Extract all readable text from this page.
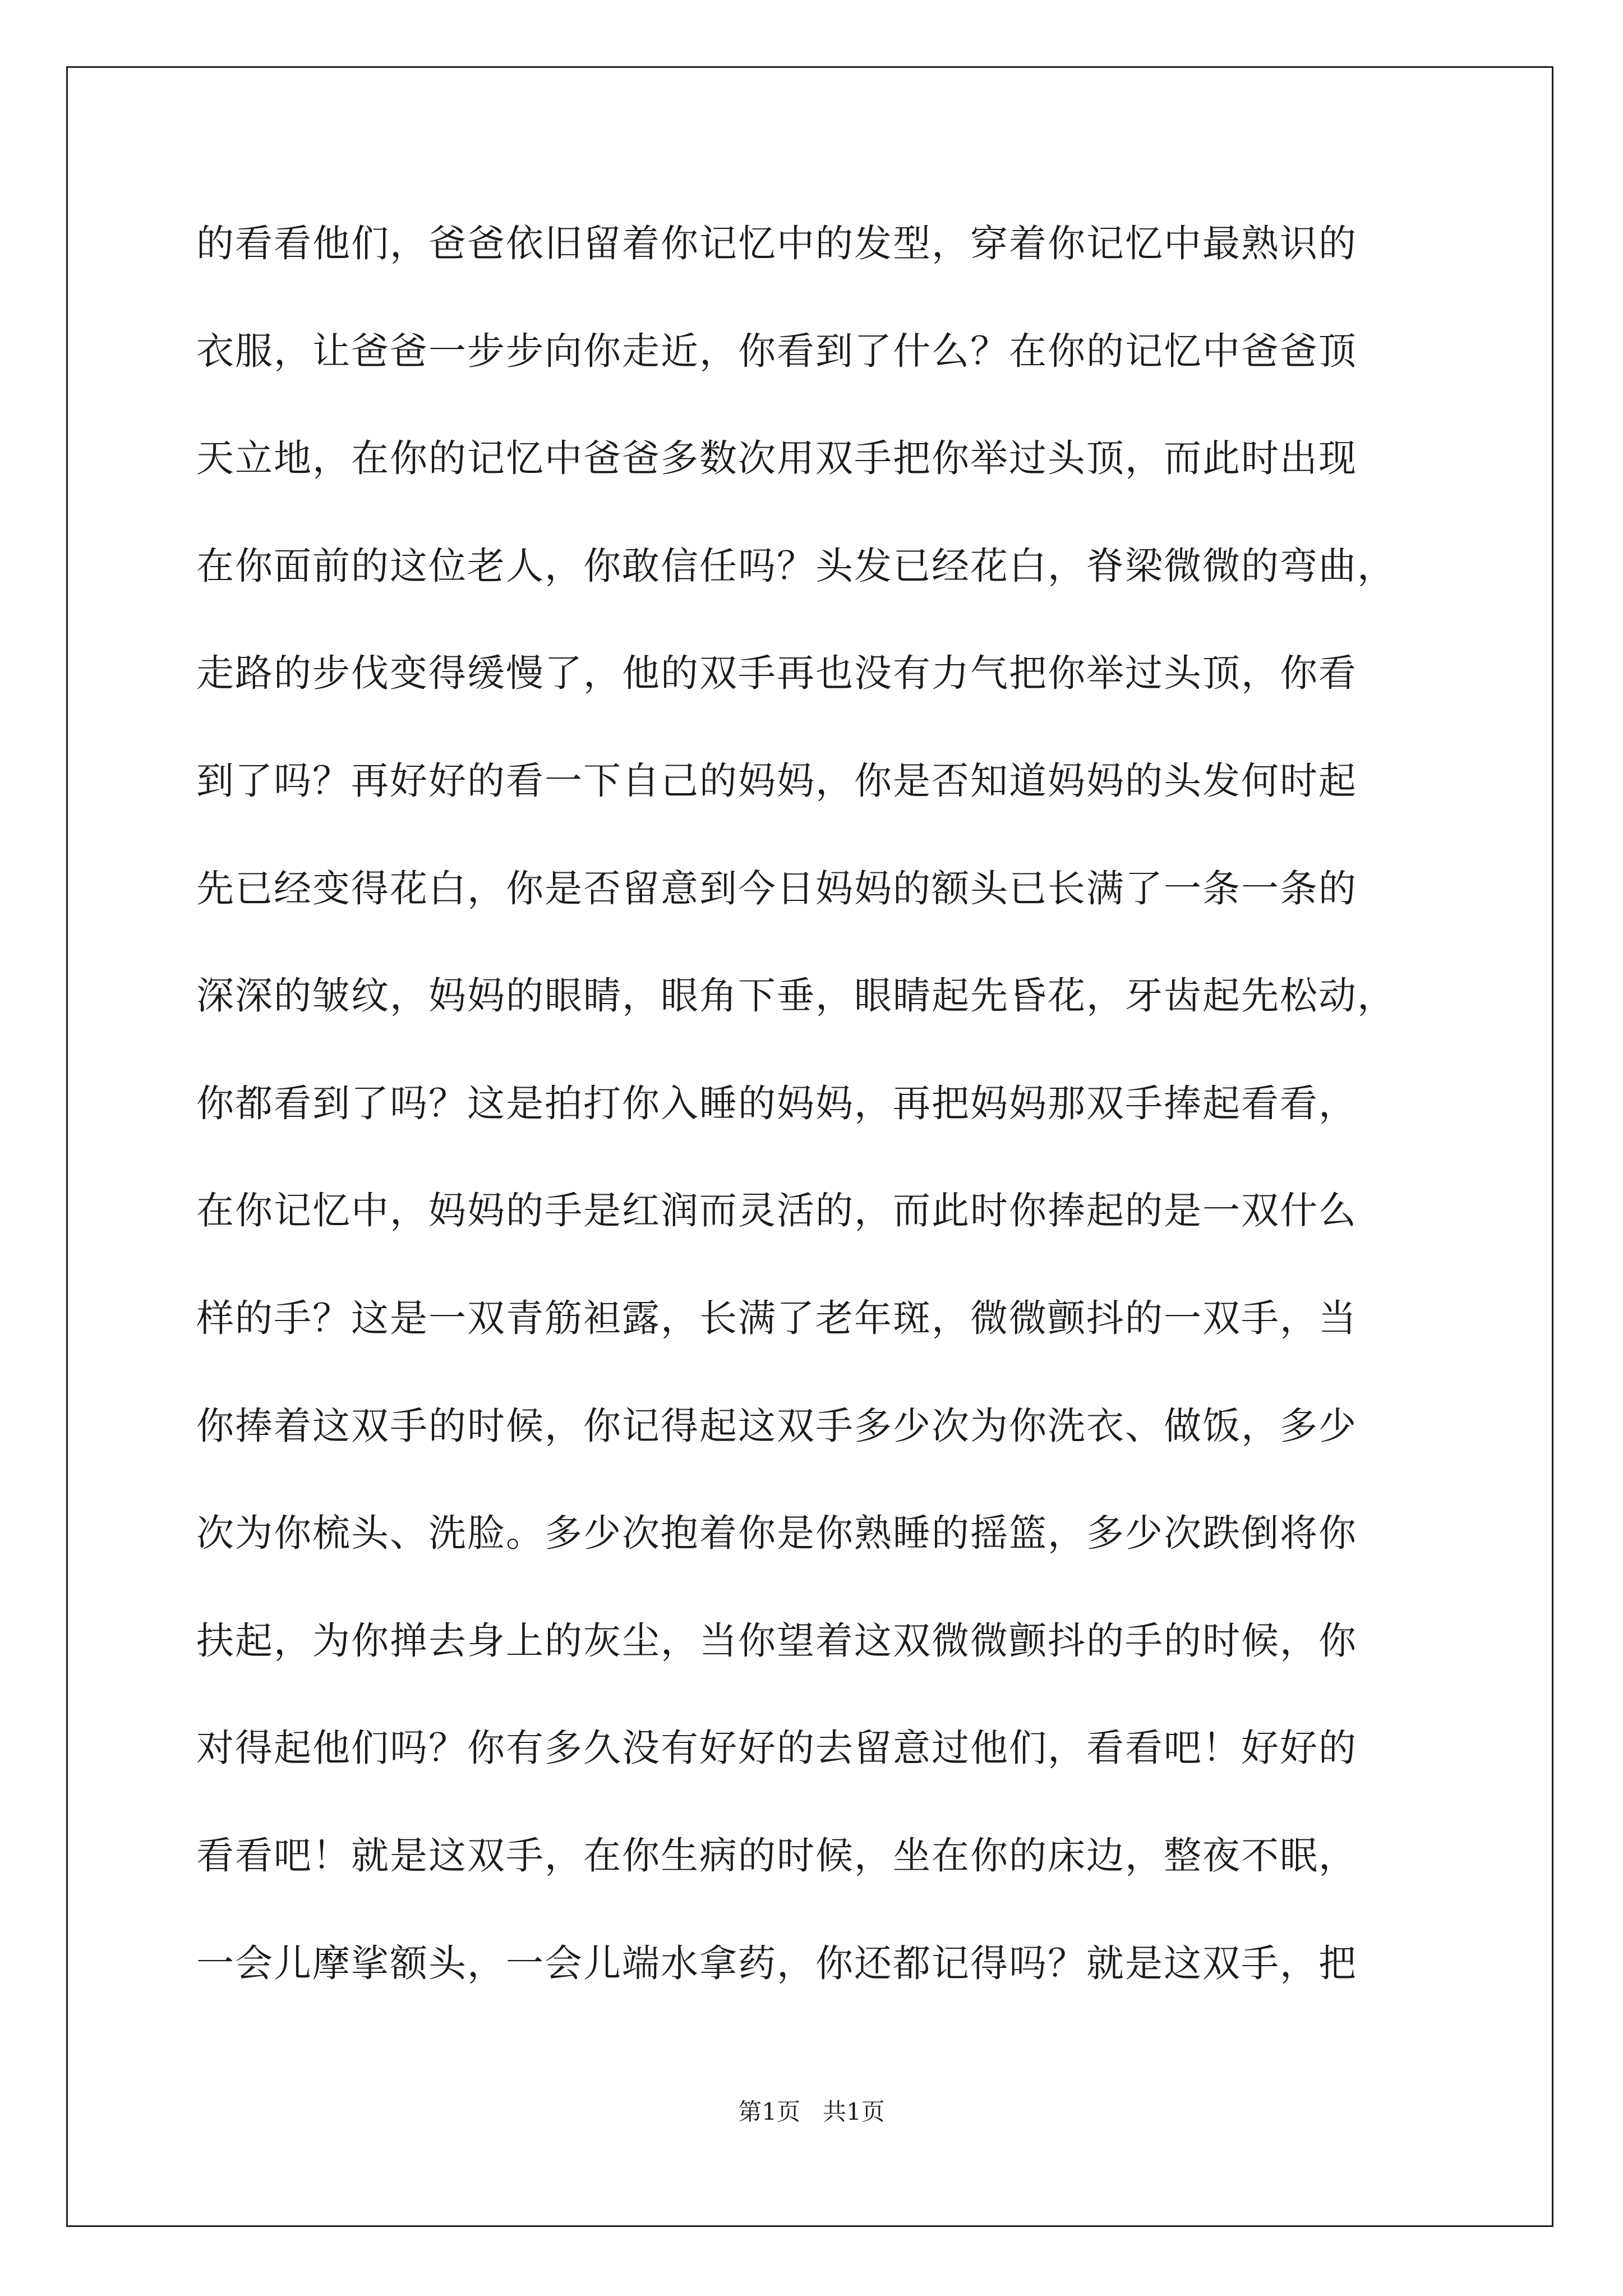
的看看他们，爸爸依旧留着你记忆中的发型，穿着你记忆中最熟识的
衣服，让爸爸一步步向你走近，你看到了什么？在你的记忆中爸爸顶
天立地，在你的记忆中爸爸多数次用双手把你举过头顶，而此时出现
在你面前的这位老人，你敢信任吗？头发已经花白，脊梁微微的弯曲，
走路的步伐变得缓慢了，他的双手再也没有力气把你举过头顶，你看
到了吗？再好好的看一下自己的妈妈，你是否知道妈妈的头发何时起
先已经变得花白，你是否留意到今日妈妈的额头已长满了一条一条的
深深的皱纹，妈妈的眼睛，眼角下垂，眼睛起先昏花，牙齿起先松动，
你都看到了吗？这是拍打你入睡的妈妈，再把妈妈那双手捧起看看，
在你记忆中，妈妈的手是红润而灵活的，而此时你捧起的是一双什么
样的手？这是一双青筋袒露，长满了老年斑，微微颤抖的一双手，当
你捧着这双手的时候，你记得起这双手多少次为你洗衣、做饭，多少
次为你梳头、洗脸。多少次抱着你是你熟睡的摇篮，多少次跌倒将你
扶起，为你掸去身上的灰尘，当你望着这双微微颤抖的手的时候，你
对得起他们吗？你有多久没有好好的去留意过他们，看看吧！好好的
看看吧！就是这双手，在你生病的时候，坐在你的床边，整夜不眠，
一会儿摩挲额头，一会儿端水拿药，你还都记得吗？就是这双手，把
第1页   共1页
